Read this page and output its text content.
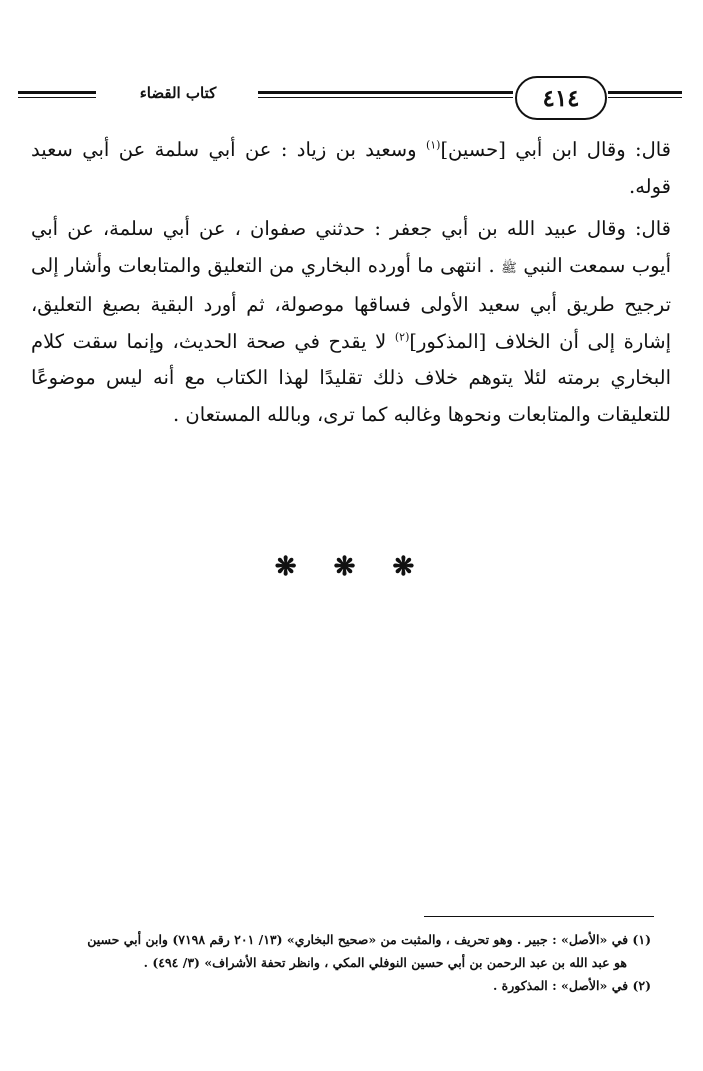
كتاب القضاء	٤١٤

قال: وقال ابن أبي [حسين]$^{(١)}$ وسعيد بن زياد : عن أبي سلمة عن أبي سعيد قوله.

قال: وقال عبيد الله بن أبي جعفر : حدثني صفوان ، عن أبي سلمة، عن أبي أيوب سمعت النبي ﷺ . انتهى ما أورده البخاري من التعليق والمتابعات وأشار إلى ترجيح طريق أبي سعيد الأولى فساقها موصولة، ثم أورد البقية بصيغ التعليق، إشارة إلى أن الخلاف [المذكور]$^{(٢)}$ لا يقدح في صحة الحديث، وإنما سقت كلام البخاري برمته لئلا يتوهم خلاف ذلك تقليدًا لهذا الكتاب مع أنه ليس موضوعًا للتعليقات والمتابعات ونحوها وغالبه كما ترى، وبالله المستعان .

❋ ❋ ❋

(١) في «الأصل» : جبير . وهو تحريف ، والمثبت من «صحيح البخاري» (١٣/ ٢٠١ رقم ٧١٩٨) وابن أبي حسين

هو عبد الله بن عبد الرحمن بن أبي حسين النوفلي المكي ، وانظر تحفة الأشراف» (٣/ ٤٩٤) .

(٢) في «الأصل» : المذكورة .
